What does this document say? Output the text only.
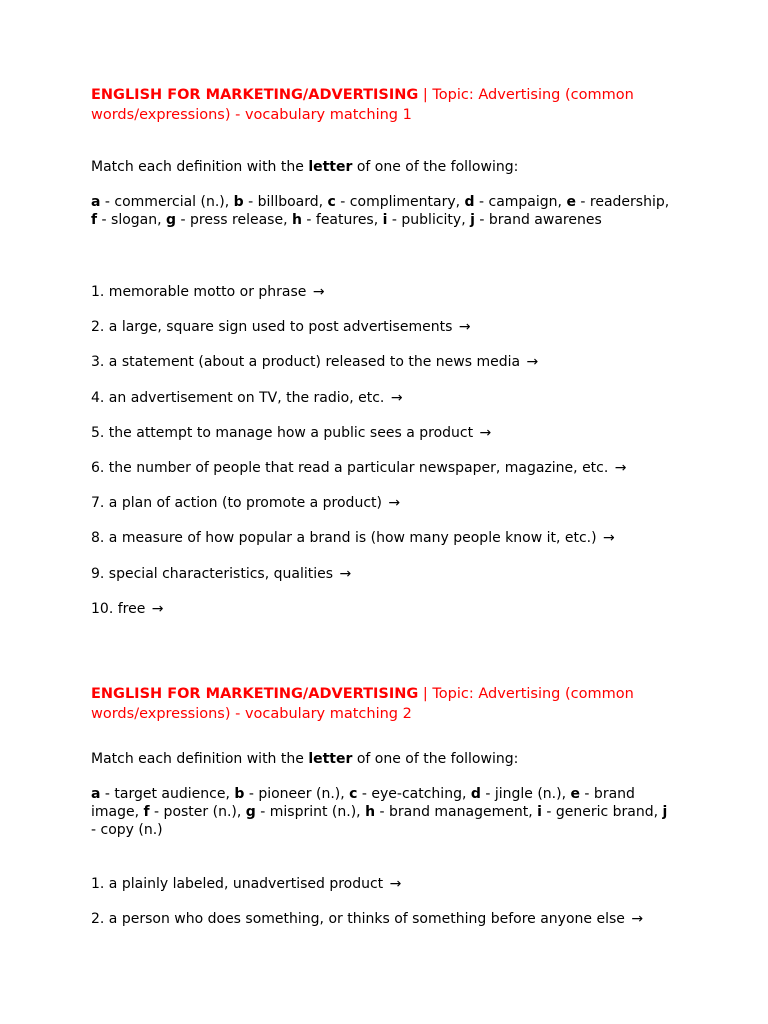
ENGLISH FOR MARKETING/ADVERTISING | Topic: Advertising (common words/expressions) - vocabulary matching 1

Match each definition with the letter of one of the following:

a - commercial (n.), b - billboard, c - complimentary, d - campaign, e - readership, f - slogan, g - press release, h - features, i - publicity, j - brand awarenes

1. memorable motto or phrase →

2. a large, square sign used to post advertisements →

3. a statement (about a product) released to the news media →

4. an advertisement on TV, the radio, etc. →

5. the attempt to manage how a public sees a product →

6. the number of people that read a particular newspaper, magazine, etc. →

7. a plan of action (to promote a product) →

8. a measure of how popular a brand is (how many people know it, etc.) →

9. special characteristics, qualities →

10. free →

ENGLISH FOR MARKETING/ADVERTISING | Topic: Advertising (common words/expressions) - vocabulary matching 2

Match each definition with the letter of one of the following:

a - target audience, b - pioneer (n.), c - eye-catching, d - jingle (n.), e - brand image, f - poster (n.), g - misprint (n.), h - brand management, i - generic brand, j - copy (n.)

1. a plainly labeled, unadvertised product →

2. a person who does something, or thinks of something before anyone else →
